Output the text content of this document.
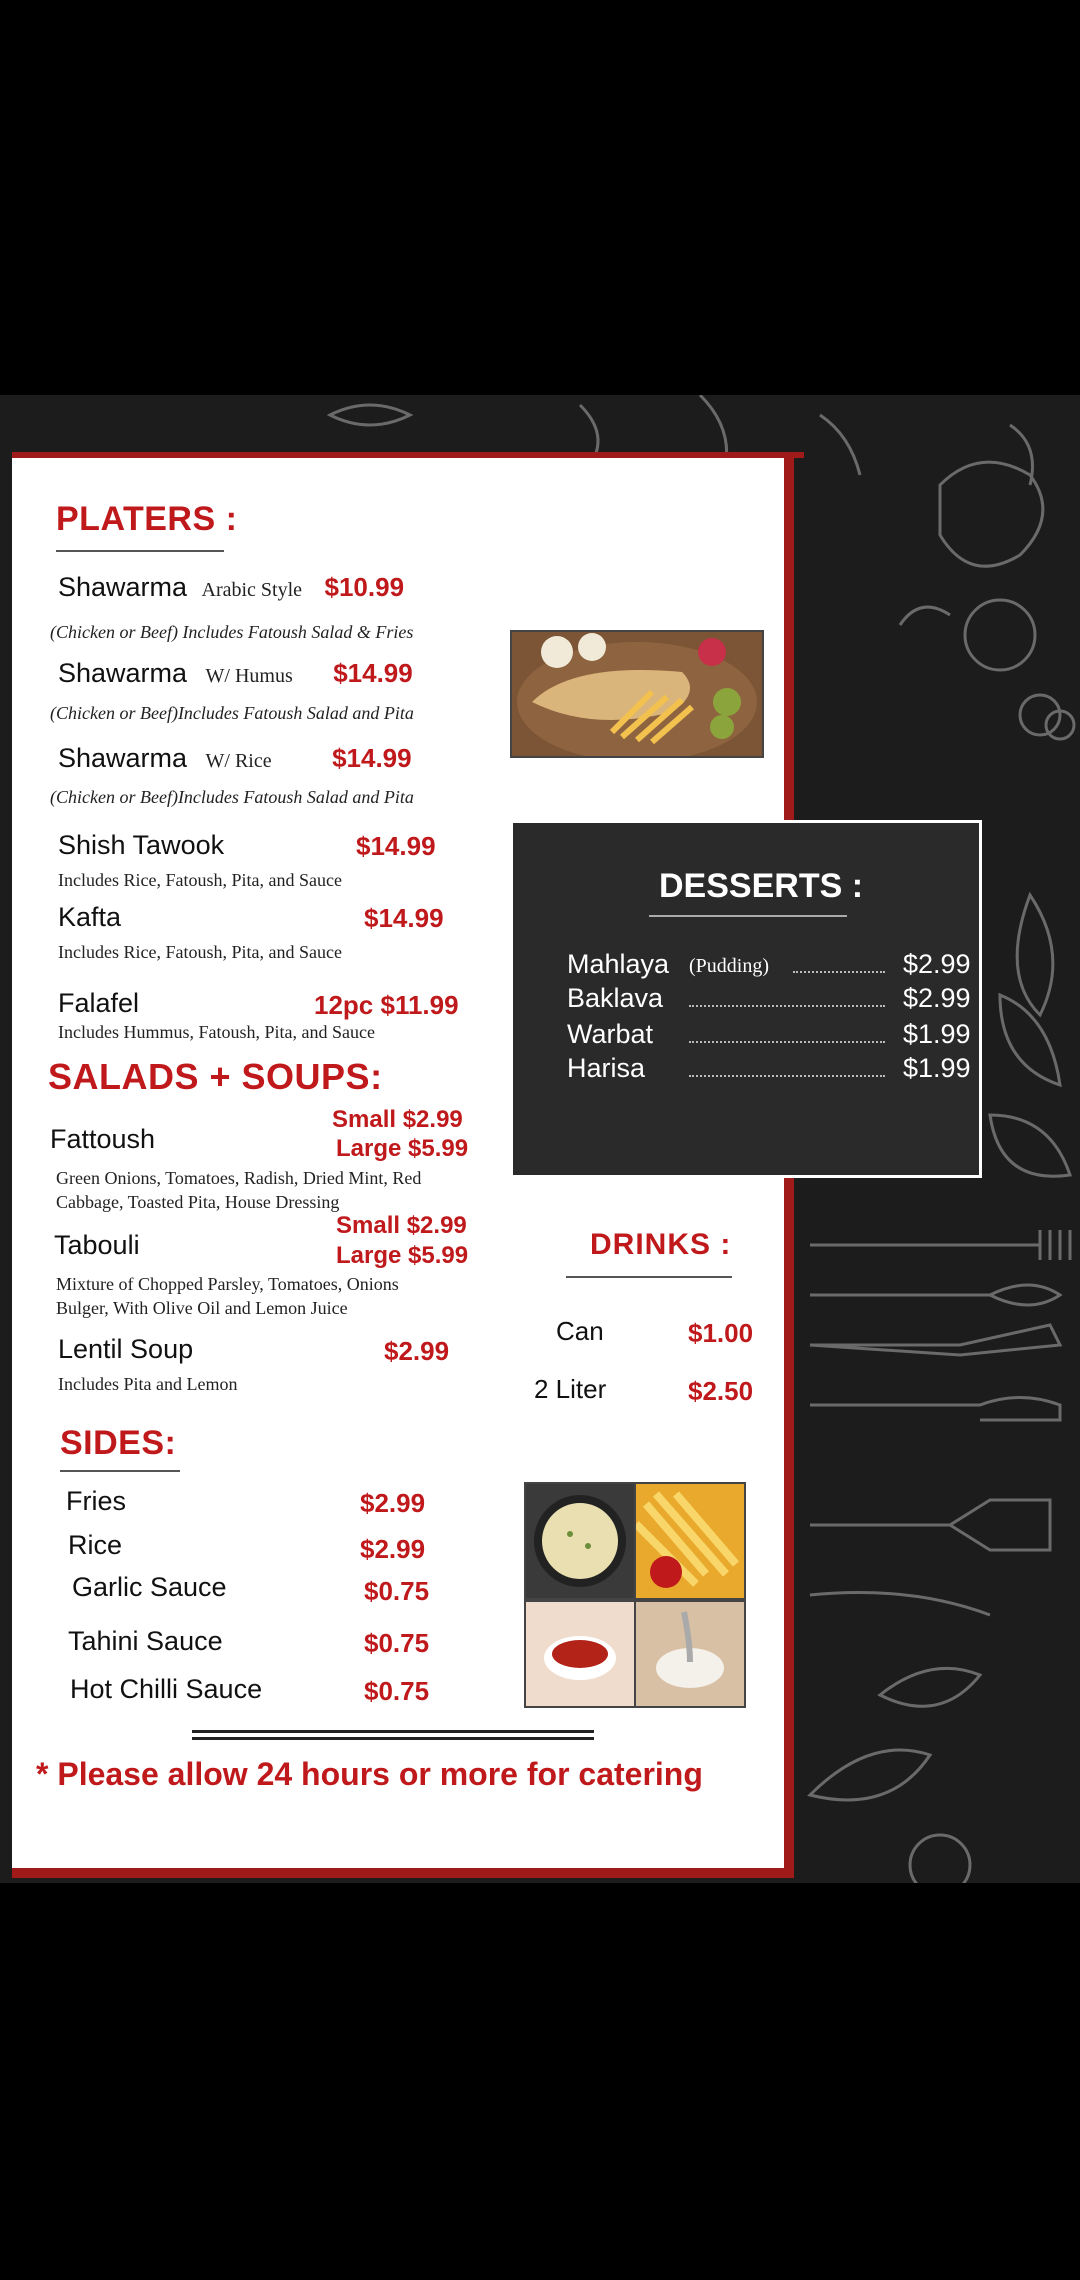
PLATERS :
Shawarma Arabic Style $10.99
(Chicken or Beef) Includes Fatoush Salad & Fries
Shawarma W/ Humus $14.99
(Chicken or Beef)Includes Fatoush Salad and Pita
Shawarma W/ Rice $14.99
(Chicken or Beef)Includes Fatoush Salad and Pita
Shish Tawook	$14.99
Includes Rice, Fatoush, Pita, and Sauce
Kafta	$14.99
Includes Rice, Fatoush, Pita, and Sauce
Falafel	12pc $11.99
Includes Hummus, Fatoush, Pita, and Sauce
SALADS + SOUPS:
Fattoush
Small $2.99
Large $5.99
Green Onions, Tomatoes, Radish, Dried Mint, Red
Cabbage, Toasted Pita, House Dressing
Tabouli
Small $2.99
Large $5.99
Mixture of Chopped Parsley, Tomatoes, Onions
Bulger, With Olive Oil and Lemon Juice
Lentil Soup	$2.99
Includes Pita and Lemon
SIDES:
Fries	$2.99
Rice	$2.99
Garlic Sauce	$0.75
Tahini Sauce	$0.75
Hot Chilli Sauce	$0.75
* Please allow 24 hours or more for catering
DESSERTS :
Mahlaya (Pudding)	$2.99
Baklava	$2.99
Warbat	$1.99
Harisa	$1.99
DRINKS :
Can	$1.00
2 Liter	$2.50
